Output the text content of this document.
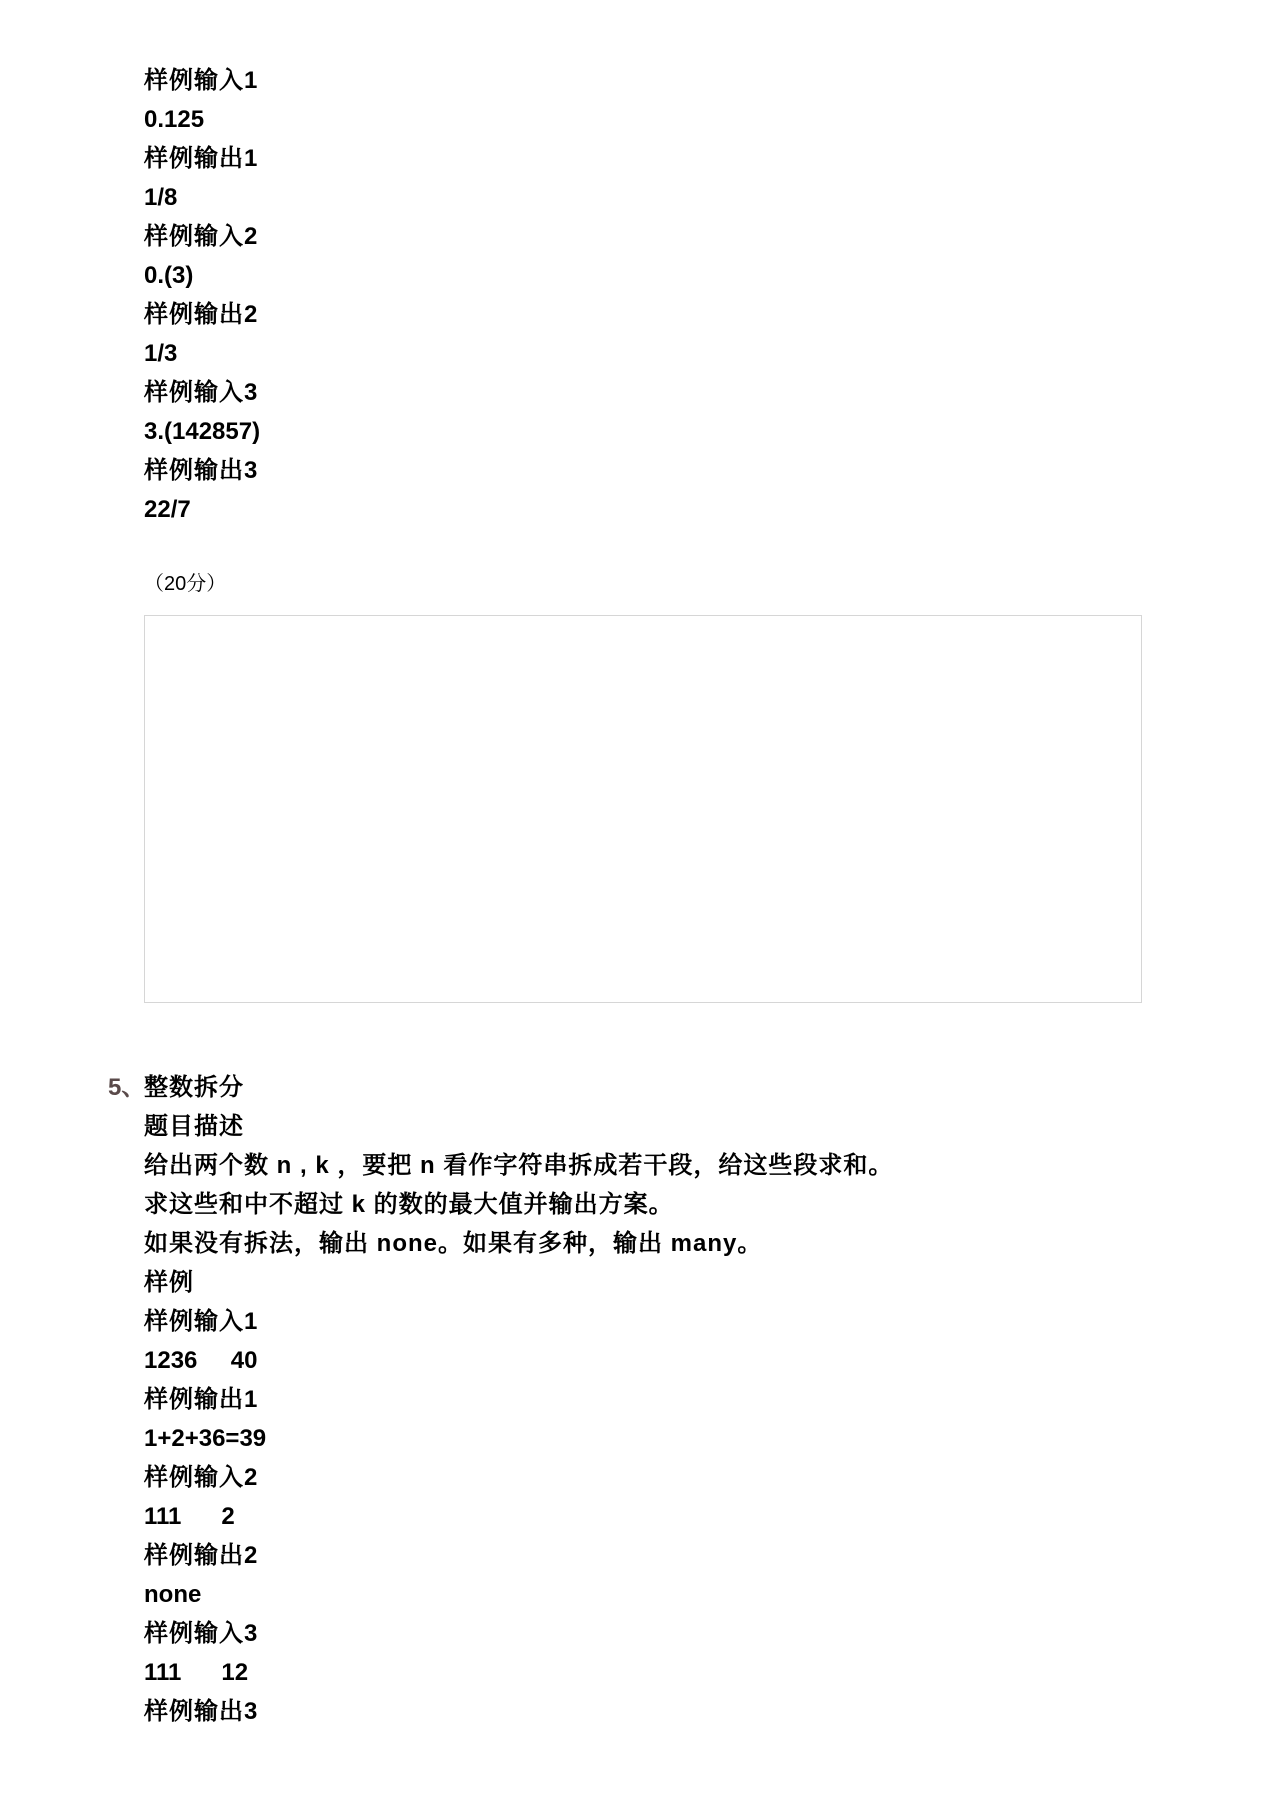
样例输入1
0.125
样例输出1
1/8
样例输入2
0.(3)
样例输出2
1/3
样例输入3
3.(142857)
样例输出3
22/7
（20分）
5、
整数拆分
题目描述
给出两个数 n , k ，要把 n 看作字符串拆成若干段，给这些段求和。
求这些和中不超过 k 的数的最大值并输出方案。
如果没有拆法，输出 none。如果有多种，输出 many。
样例
样例输入1
1236     40
样例输出1
1+2+36=39
样例输入2
111      2
样例输出2
none
样例输入3
111      12
样例输出3
